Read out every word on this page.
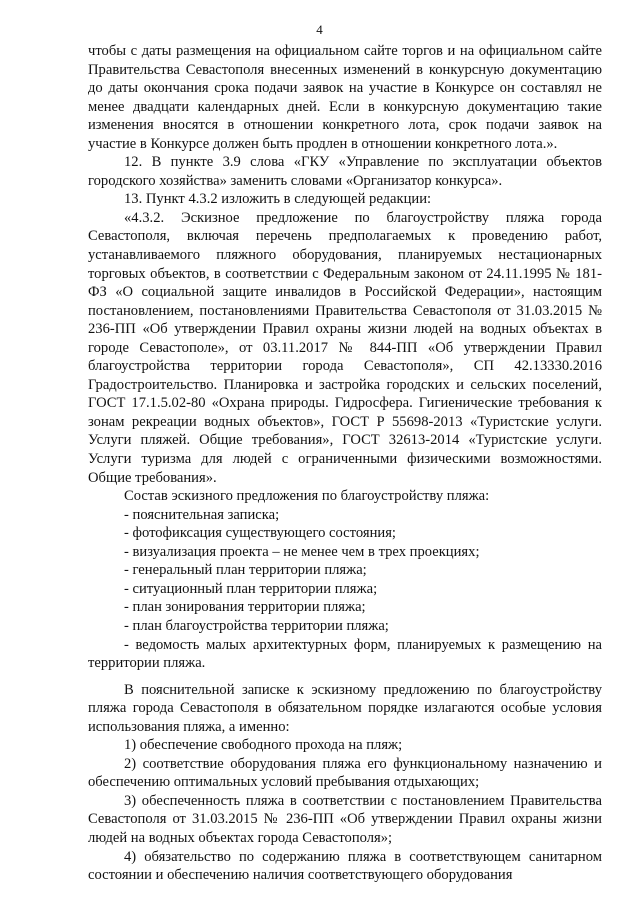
4

чтобы с даты размещения на официальном сайте торгов и на официальном сайте Правительства Севастополя внесенных изменений в конкурсную документацию до даты окончания срока подачи заявок на участие в Конкурсе он составлял не менее двадцати календарных дней. Если в конкурсную документацию такие изменения вносятся в отношении конкретного лота, срок подачи заявок на участие в Конкурсе должен быть продлен в отношении конкретного лота.».

12. В пункте 3.9 слова «ГКУ «Управление по эксплуатации объектов городского хозяйства» заменить словами «Организатор конкурса».

13. Пункт 4.3.2 изложить в следующей редакции:

«4.3.2. Эскизное предложение по благоустройству пляжа города Севастополя, включая перечень предполагаемых к проведению работ, устанавливаемого пляжного оборудования, планируемых нестационарных торговых объектов, в соответствии с Федеральным законом от 24.11.1995 № 181-ФЗ «О социальной защите инвалидов в Российской Федерации», настоящим постановлением, постановлениями Правительства Севастополя от 31.03.2015 № 236-ПП «Об утверждении Правил охраны жизни людей на водных объектах в городе Севастополе», от 03.11.2017 № 844-ПП «Об утверждении Правил благоустройства территории города Севастополя», СП 42.13330.2016 Градостроительство. Планировка и застройка городских и сельских поселений, ГОСТ 17.1.5.02-80 «Охрана природы. Гидросфера. Гигиенические требования к зонам рекреации водных объектов», ГОСТ Р 55698-2013 «Туристские услуги. Услуги пляжей. Общие требования», ГОСТ 32613-2014 «Туристские услуги. Услуги туризма для людей с ограниченными физическими возможностями. Общие требования».

Состав эскизного предложения по благоустройству пляжа:

- пояснительная записка;

- фотофиксация существующего состояния;

- визуализация проекта – не менее чем в трех проекциях;

- генеральный план территории пляжа;

- ситуационный план территории пляжа;

- план зонирования территории пляжа;

- план благоустройства территории пляжа;

- ведомость малых архитектурных форм, планируемых к размещению на территории пляжа.

В пояснительной записке к эскизному предложению по благоустройству пляжа города Севастополя в обязательном порядке излагаются особые условия использования пляжа, а именно:

1) обеспечение свободного прохода на пляж;

2) соответствие оборудования пляжа его функциональному назначению и обеспечению оптимальных условий пребывания отдыхающих;

3) обеспеченность пляжа в соответствии с постановлением Правительства Севастополя от 31.03.2015 № 236-ПП «Об утверждении Правил охраны жизни людей на водных объектах города Севастополя»;

4) обязательство по содержанию пляжа в соответствующем санитарном состоянии и обеспечению наличия соответствующего оборудования
